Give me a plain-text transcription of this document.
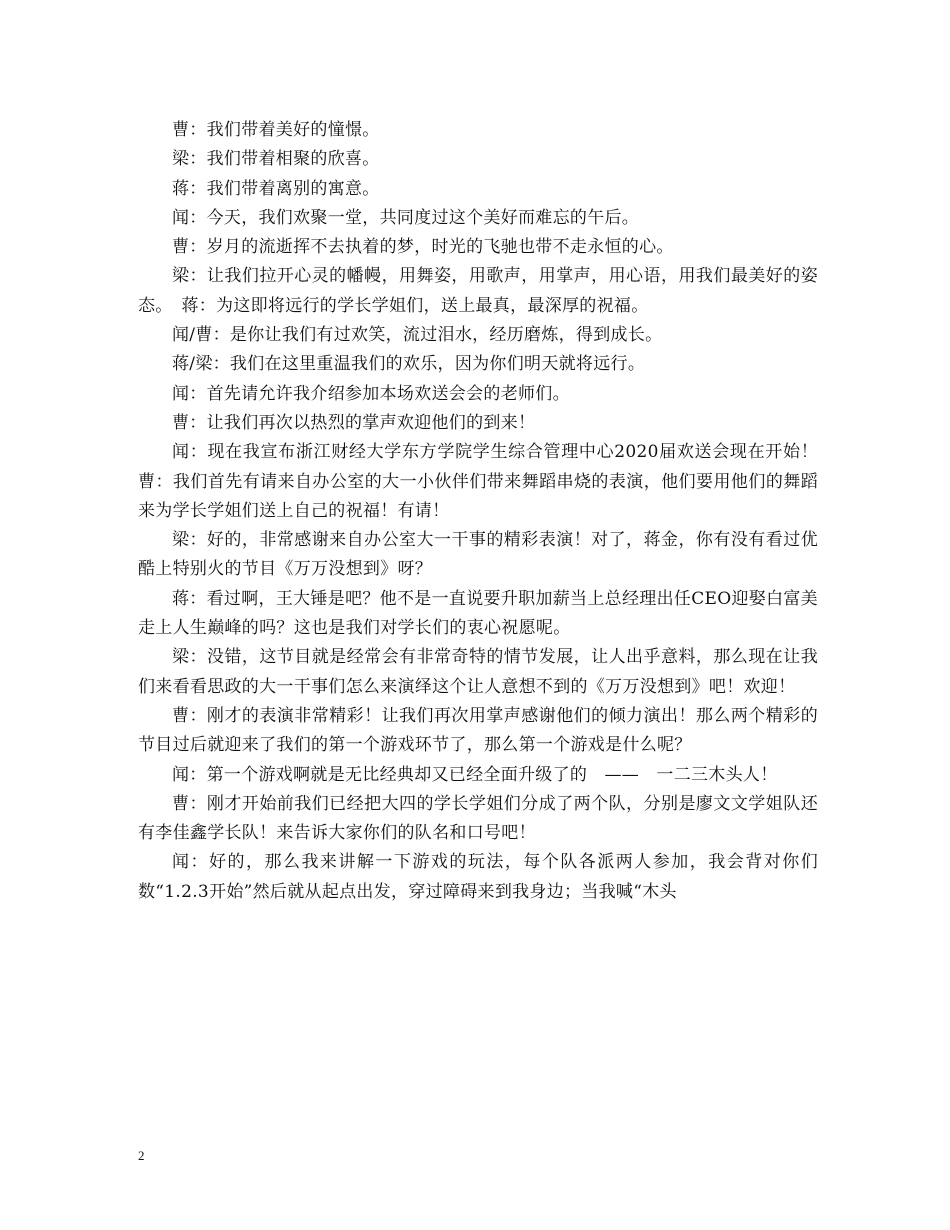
曹：我们带着美好的憧憬。

梁：我们带着相聚的欣喜。

蒋：我们带着离别的寓意。

闻：今天，我们欢聚一堂，共同度过这个美好而难忘的午后。

曹：岁月的流逝挥不去执着的梦，时光的飞驰也带不走永恒的心。

梁：让我们拉开心灵的幡幔，用舞姿，用歌声，用掌声，用心语，用我们最美好的姿态。　蒋：为这即将远行的学长学姐们，送上最真，最深厚的祝福。

闻/曹：是你让我们有过欢笑，流过泪水，经历磨炼，得到成长。

蒋/梁：我们在这里重温我们的欢乐，因为你们明天就将远行。

闻：首先请允许我介绍参加本场欢送会会的老师们。

曹：让我们再次以热烈的掌声欢迎他们的到来！

闻：现在我宣布浙江财经大学东方学院学生综合管理中心2020届欢送会现在开始！　曹：我们首先有请来自办公室的大一小伙伴们带来舞蹈串烧的表演，他们要用他们的舞蹈来为学长学姐们送上自己的祝福！有请！

梁：好的，非常感谢来自办公室大一干事的精彩表演！对了，蒋金，你有没有看过优酷上特别火的节目《万万没想到》呀？

蒋：看过啊，王大锤是吧？他不是一直说要升职加薪当上总经理出任CEO迎娶白富美走上人生巅峰的吗？这也是我们对学长们的衷心祝愿呢。

梁：没错，这节目就是经常会有非常奇特的情节发展，让人出乎意料，那么现在让我们来看看思政的大一干事们怎么来演绎这个让人意想不到的《万万没想到》吧！欢迎！

曹：刚才的表演非常精彩！让我们再次用掌声感谢他们的倾力演出！那么两个精彩的节目过后就迎来了我们的第一个游戏环节了，那么第一个游戏是什么呢？

闻：第一个游戏啊就是无比经典却又已经全面升级了的　——　一二三木头人！

曹：刚才开始前我们已经把大四的学长学姐们分成了两个队，分别是廖文文学姐队还有李佳鑫学长队！来告诉大家你们的队名和口号吧！

闻：好的，那么我来讲解一下游戏的玩法，每个队各派两人参加，我会背对你们数“1.2.3开始”然后就从起点出发，穿过障碍来到我身边；当我喊“木头

2
